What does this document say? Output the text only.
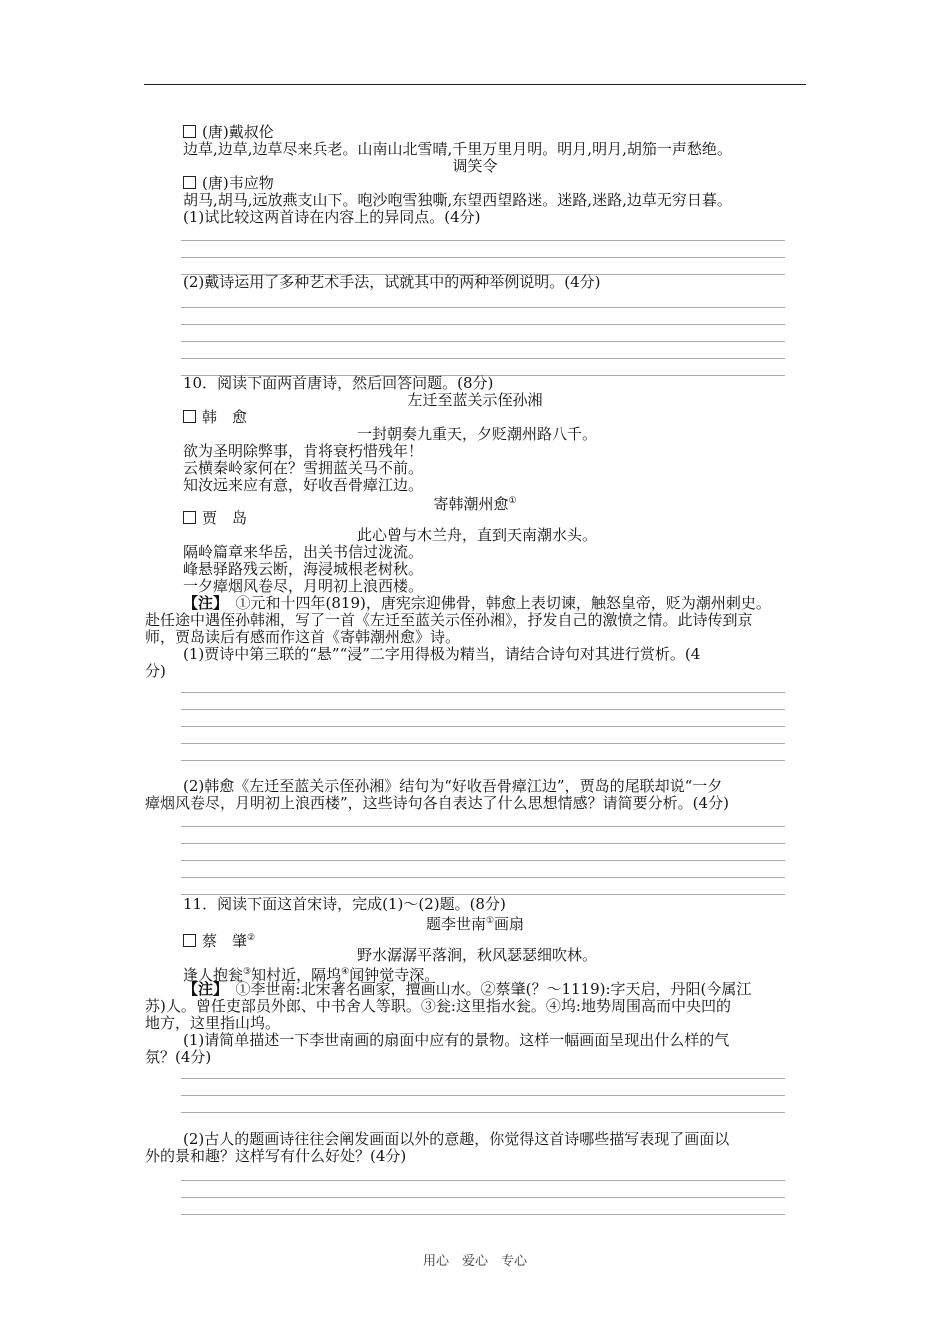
(唐)戴叔伦
边草,边草,边草尽来兵老。山南山北雪晴,千里万里月明。明月,明月,胡笳一声愁绝。
调笑令
(唐)韦应物
胡马,胡马,远放燕支山下。咆沙咆雪独嘶,东望西望路迷。迷路,迷路,边草无穷日暮。
(1)试比较这两首诗在内容上的异同点。(4分)
(2)戴诗运用了多种艺术手法，试就其中的两种举例说明。(4分)
10．阅读下面两首唐诗，然后回答问题。(8分)
左迁至蓝关示侄孙湘
韩　愈
一封朝奏九重天，夕贬潮州路八千。
欲为圣明除弊事，肯将衰朽惜残年！
云横秦岭家何在？雪拥蓝关马不前。
知汝远来应有意，好收吾骨瘴江边。
寄韩潮州愈①
贾　岛
此心曾与木兰舟，直到天南潮水头。
隔岭篇章来华岳，出关书信过泷流。
峰悬驿路残云断，海浸城根老树秋。
一夕瘴烟风卷尽，月明初上浪西楼。
【注】　 ①元和十四年(819)，唐宪宗迎佛骨，韩愈上表切谏，触怒皇帝，贬为潮州刺史。
赴任途中遇侄孙韩湘，写了一首《左迁至蓝关示侄孙湘》，抒发自己的激愤之情。此诗传到京
师，贾岛读后有感而作这首《寄韩潮州愈》诗。
(1)贾诗中第三联的“悬”“浸”二字用得极为精当，请结合诗句对其进行赏析。(4
分)
(2)韩愈《左迁至蓝关示侄孙湘》结句为“好收吾骨瘴江边”，贾岛的尾联却说“一夕
瘴烟风卷尽，月明初上浪西楼”，这些诗句各自表达了什么思想情感？请简要分析。(4分)
11．阅读下面这首宋诗，完成(1)～(2)题。(8分)
题李世南①画扇
蔡　肇②
野水潺潺平落涧，秋风瑟瑟细吹林。
逢人抱瓮③知村近，隔坞④闻钟觉寺深。
【注】　 ①李世南:北宋著名画家，擅画山水。②蔡肇(？～1119):字天启，丹阳(今属江
苏)人。曾任吏部员外郎、中书舍人等职。③瓮:这里指水瓮。④坞:地势周围高而中央凹的
地方，这里指山坞。
(1)请简单描述一下李世南画的扇面中应有的景物。这样一幅画面呈现出什么样的气
氛？(4分)
(2)古人的题画诗往往会阐发画面以外的意趣，你觉得这首诗哪些描写表现了画面以
外的景和趣？这样写有什么好处？(4分)
用心　爱心　专心
